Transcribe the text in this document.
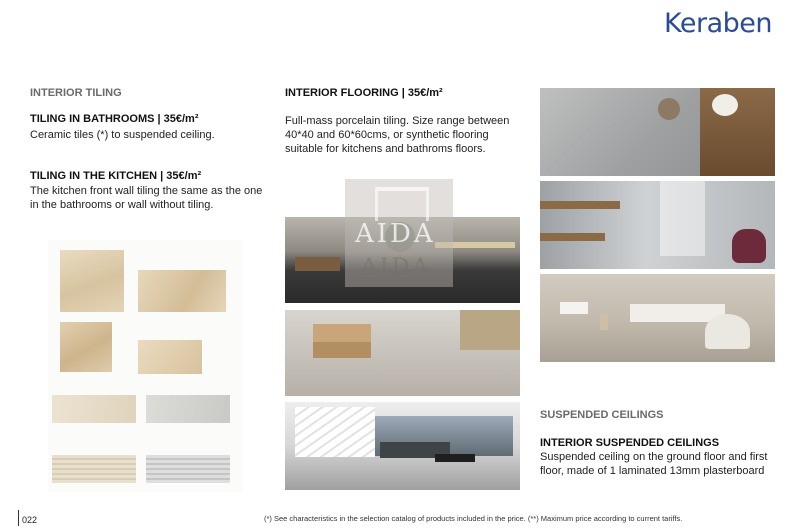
Keraben
INTERIOR TILING
TILING IN BATHROOMS | 35€/m²
Ceramic tiles (*) to suspended ceiling.
TILING IN THE KITCHEN | 35€/m²
The kitchen front wall tiling the same as the one in the bathrooms or wall without tiling.
INTERIOR FLOORING | 35€/m²
Full-mass porcelain tiling. Size range between 40*40 and 60*60cms, or synthetic flooring suitable for kitchens and bathroms floors.
AIDA
AIDA
SUSPENDED CEILINGS
INTERIOR SUSPENDED CEILINGS
Suspended ceiling on the ground floor and first floor, made of 1 laminated 13mm plasterboard
022	(*) See characteristics in the selection catalog of products included in the price. (**) Maximum price according to current tariffs.
